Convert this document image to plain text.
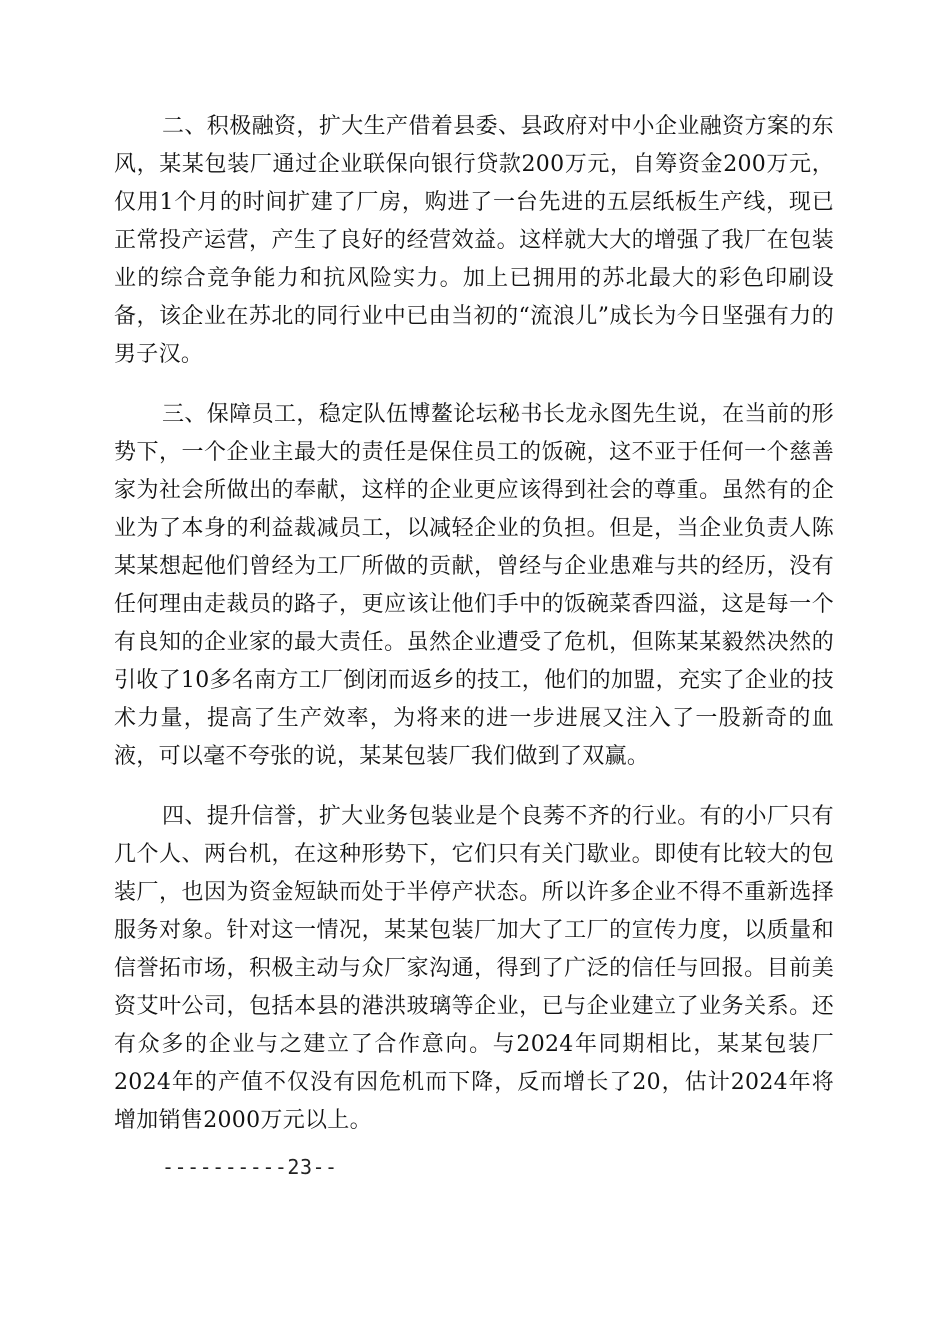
二、积极融资，扩大生产借着县委、县政府对中小企业融资方案的东风，某某包装厂通过企业联保向银行贷款200万元，自筹资金200万元，仅用1个月的时间扩建了厂房，购进了一台先进的五层纸板生产线，现已正常投产运营，产生了良好的经营效益。这样就大大的增强了我厂在包装业的综合竞争能力和抗风险实力。加上已拥用的苏北最大的彩色印刷设备，该企业在苏北的同行业中已由当初的“流浪儿”成长为今日坚强有力的男子汉。

三、保障员工，稳定队伍博鳌论坛秘书长龙永图先生说，在当前的形势下，一个企业主最大的责任是保住员工的饭碗，这不亚于任何一个慈善家为社会所做出的奉献，这样的企业更应该得到社会的尊重。虽然有的企业为了本身的利益裁减员工，以减轻企业的负担。但是，当企业负责人陈某某想起他们曾经为工厂所做的贡献，曾经与企业患难与共的经历，没有任何理由走裁员的路子，更应该让他们手中的饭碗菜香四溢，这是每一个有良知的企业家的最大责任。虽然企业遭受了危机，但陈某某毅然决然的引收了10多名南方工厂倒闭而返乡的技工，他们的加盟，充实了企业的技术力量，提高了生产效率，为将来的进一步进展又注入了一股新奇的血液，可以毫不夸张的说，某某包装厂我们做到了双赢。

四、提升信誉，扩大业务包装业是个良莠不齐的行业。有的小厂只有几个人、两台机，在这种形势下，它们只有关门歇业。即使有比较大的包装厂，也因为资金短缺而处于半停产状态。所以许多企业不得不重新选择服务对象。针对这一情况，某某包装厂加大了工厂的宣传力度，以质量和信誉拓市场，积极主动与众厂家沟通，得到了广泛的信任与回报。目前美资艾叶公司，包括本县的港洪玻璃等企业，已与企业建立了业务关系。还有众多的企业与之建立了合作意向。与2024年同期相比，某某包装厂2024年的产值不仅没有因危机而下降，反而增长了20，估计2024年将增加销售2000万元以上。

----------23--
